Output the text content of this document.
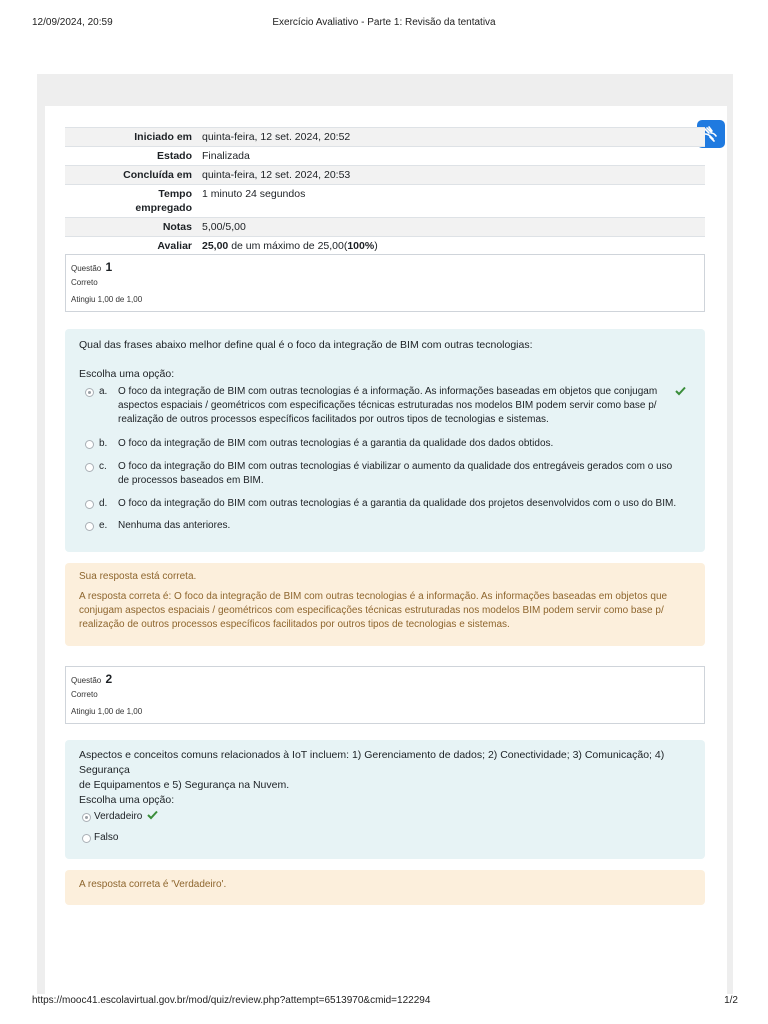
12/09/2024, 20:59	Exercício Avaliativo - Parte 1: Revisão da tentativa
Iniciado em	quinta-feira, 12 set. 2024, 20:52
Estado	Finalizada
Concluída em	quinta-feira, 12 set. 2024, 20:53
Tempo empregado	1 minuto 24 segundos
Notas	5,00/5,00
Avaliar	25,00 de um máximo de 25,00(100%)
Questão 1
Correto
Atingiu 1,00 de 1,00
Qual das frases abaixo melhor define qual é o foco da integração de BIM com outras tecnologias:
Escolha uma opção:
a. O foco da integração de BIM com outras tecnologias é a informação. As informações baseadas em objetos que conjugam
aspectos espaciais / geométricos com especificações técnicas estruturadas nos modelos BIM podem servir como base p/
realização de outros processos específicos facilitados por outros tipos de tecnologias e sistemas.
b. O foco da integração de BIM com outras tecnologias é a garantia da qualidade dos dados obtidos.
c. O foco da integração do BIM com outras tecnologias é viabilizar o aumento da qualidade dos entregáveis gerados com o uso
de processos baseados em BIM.
d. O foco da integração do BIM com outras tecnologias é a garantia da qualidade dos projetos desenvolvidos com o uso do BIM.
e. Nenhuma das anteriores.
Sua resposta está correta.
A resposta correta é: O foco da integração de BIM com outras tecnologias é a informação. As informações baseadas em objetos que
conjugam aspectos espaciais / geométricos com especificações técnicas estruturadas nos modelos BIM podem servir como base p/
realização de outros processos específicos facilitados por outros tipos de tecnologias e sistemas.
Questão 2
Correto
Atingiu 1,00 de 1,00
Aspectos e conceitos comuns relacionados à IoT incluem: 1) Gerenciamento de dados; 2) Conectividade; 3) Comunicação; 4) Segurança
de Equipamentos e 5) Segurança na Nuvem.
Escolha uma opção:
Verdadeiro
Falso
A resposta correta é 'Verdadeiro'.
https://mooc41.escolavirtual.gov.br/mod/quiz/review.php?attempt=6513970&cmid=122294	1/2
